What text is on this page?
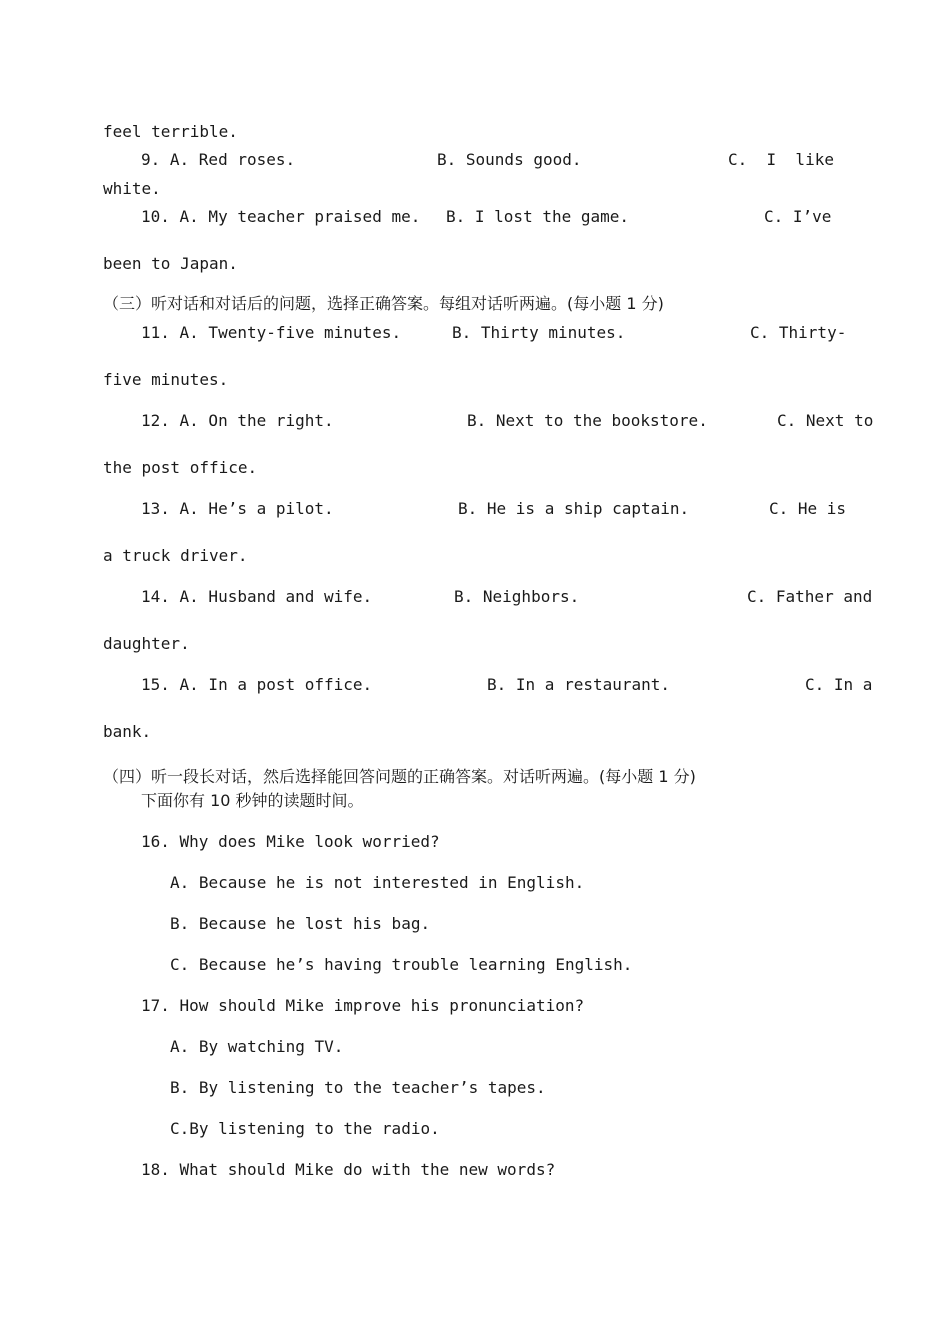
feel terrible.
9. A. Red roses.	B. Sounds good.	C.  I  like
white.
10. A. My teacher praised me. B. I lost the game.	C. I’ve
been to Japan.
（三）听对话和对话后的问题，选择正确答案。每组对话听两遍。(每小题 1 分)
11. A. Twenty-five minutes.	B. Thirty minutes.	C. Thirty-
five minutes.
12. A. On the right.	B. Next to the bookstore.	C. Next to
the post office.
13. A. He’s a pilot.	B. He is a ship captain.	C. He is
a truck driver.
14. A. Husband and wife.	B. Neighbors.	C. Father and
daughter.
15. A. In a post office.	B. In a restaurant.	C. In a
bank.
（四）听一段长对话，然后选择能回答问题的正确答案。对话听两遍。(每小题 1 分)
下面你有 10 秒钟的读题时间。
16. Why does Mike look worried?
A. Because he is not interested in English.
B. Because he lost his bag.
C. Because he’s having trouble learning English.
17. How should Mike improve his pronunciation?
A. By watching TV.
B. By listening to the teacher’s tapes.
C.By listening to the radio.
18. What should Mike do with the new words?
